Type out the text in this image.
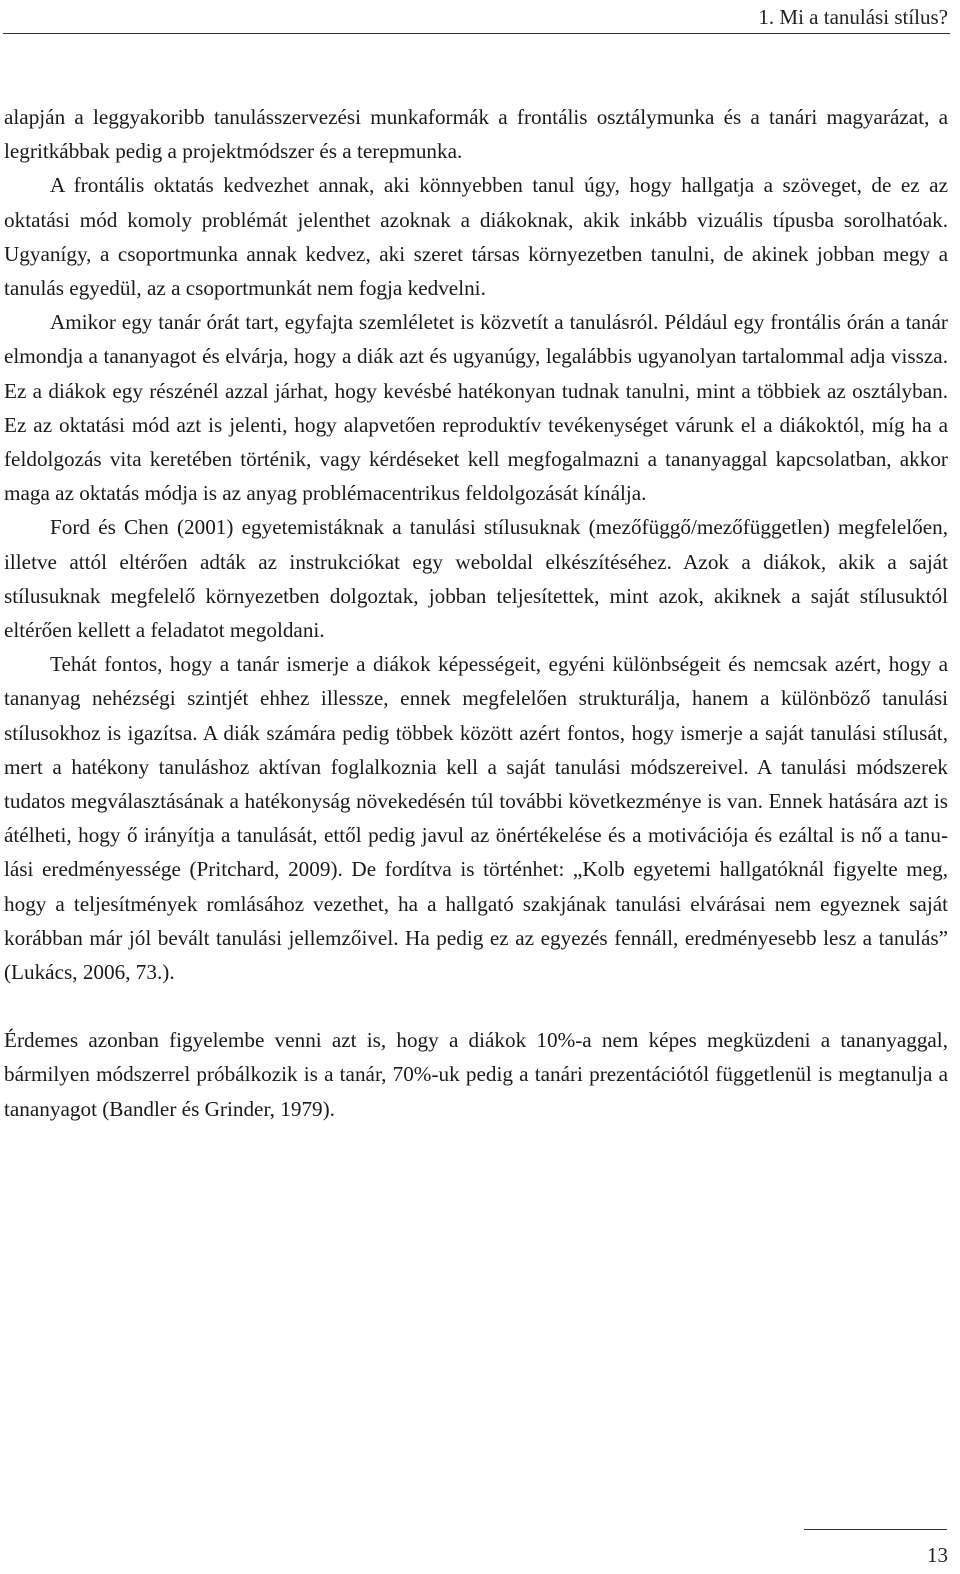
1. Mi a tanulási stílus?

alapján a leggyakoribb tanulásszervezési munkaformák a frontális osztálymunka és a tanári magyarázat, a legritkábbak pedig a projektmódszer és a terepmunka.

A frontális oktatás kedvezhet annak, aki könnyebben tanul úgy, hogy hallgatja a szöveget, de ez az oktatási mód komoly problémát jelenthet azoknak a diákoknak, akik inkább vizuális típusba sorolhatóak. Ugyanígy, a csoportmunka annak kedvez, aki szeret társas környezetben tanulni, de akinek jobban megy a tanulás egyedül, az a csoportmunkát nem fogja kedvelni.

Amikor egy tanár órát tart, egyfajta szemléletet is közvetít a tanulásról. Például egy frontális órán a tanár elmondja a tananyagot és elvárja, hogy a diák azt és ugyanúgy, legalábbis ugyanolyan tartalommal adja vissza. Ez a diákok egy részénél azzal járhat, hogy kevésbé hatékonyan tudnak tanulni, mint a többiek az osztályban. Ez az oktatási mód azt is jelenti, hogy alapvetően reproduktív tevékenységet várunk el a diákoktól, míg ha a feldolgozás vita keretében történik, vagy kérdéseket kell megfogalmazni a tananyaggal kapcsolatban, akkor maga az oktatás módja is az anyag problémacentrikus feldolgozását kínálja.

Ford és Chen (2001) egyetemistáknak a tanulási stílusuknak (mezőfüggő/mezőfüggetlen) megfelelően, illetve attól eltérően adták az instrukciókat egy weboldal elkészítéséhez. Azok a diákok, akik a saját stílusuknak megfelelő környezetben dolgoztak, jobban teljesítettek, mint azok, akiknek a saját stílusuktól eltérően kellett a feladatot megoldani.

Tehát fontos, hogy a tanár ismerje a diákok képességeit, egyéni különbségeit és nemcsak azért, hogy a tananyag nehézségi szintjét ehhez illessze, ennek megfelelően strukturálja, hanem a különböző tanulási stílusokhoz is igazítsa. A diák számára pedig többek között azért fontos, hogy ismerje a saját tanulási stílusát, mert a hatékony tanuláshoz aktívan foglalkoznia kell a saját tanulási módszereivel. A tanulási módszerek tudatos megválasztásának a hatékonyság növekedésén túl további következménye is van. Ennek hatására azt is átélheti, hogy ő irányítja a tanulását, ettől pedig javul az önértékelése és a motivációja és ezáltal is nő a tanulási eredményessége (Pritchard, 2009). De fordítva is történhet: „Kolb egyetemi hallgatóknál figyelte meg, hogy a teljesítmények romlásához vezethet, ha a hallgató szakjának tanulási elvárásai nem egyeznek saját korábban már jól bevált tanulási jellemzőivel. Ha pedig ez az egyezés fennáll, eredményesebb lesz a tanulás” (Lukács, 2006, 73.).

Érdemes azonban figyelembe venni azt is, hogy a diákok 10%-a nem képes megküzdeni a tananyaggal, bármilyen módszerrel próbálkozik is a tanár, 70%-uk pedig a tanári prezentációtól függetlenül is megtanulja a tananyagot (Bandler és Grinder, 1979).

13
